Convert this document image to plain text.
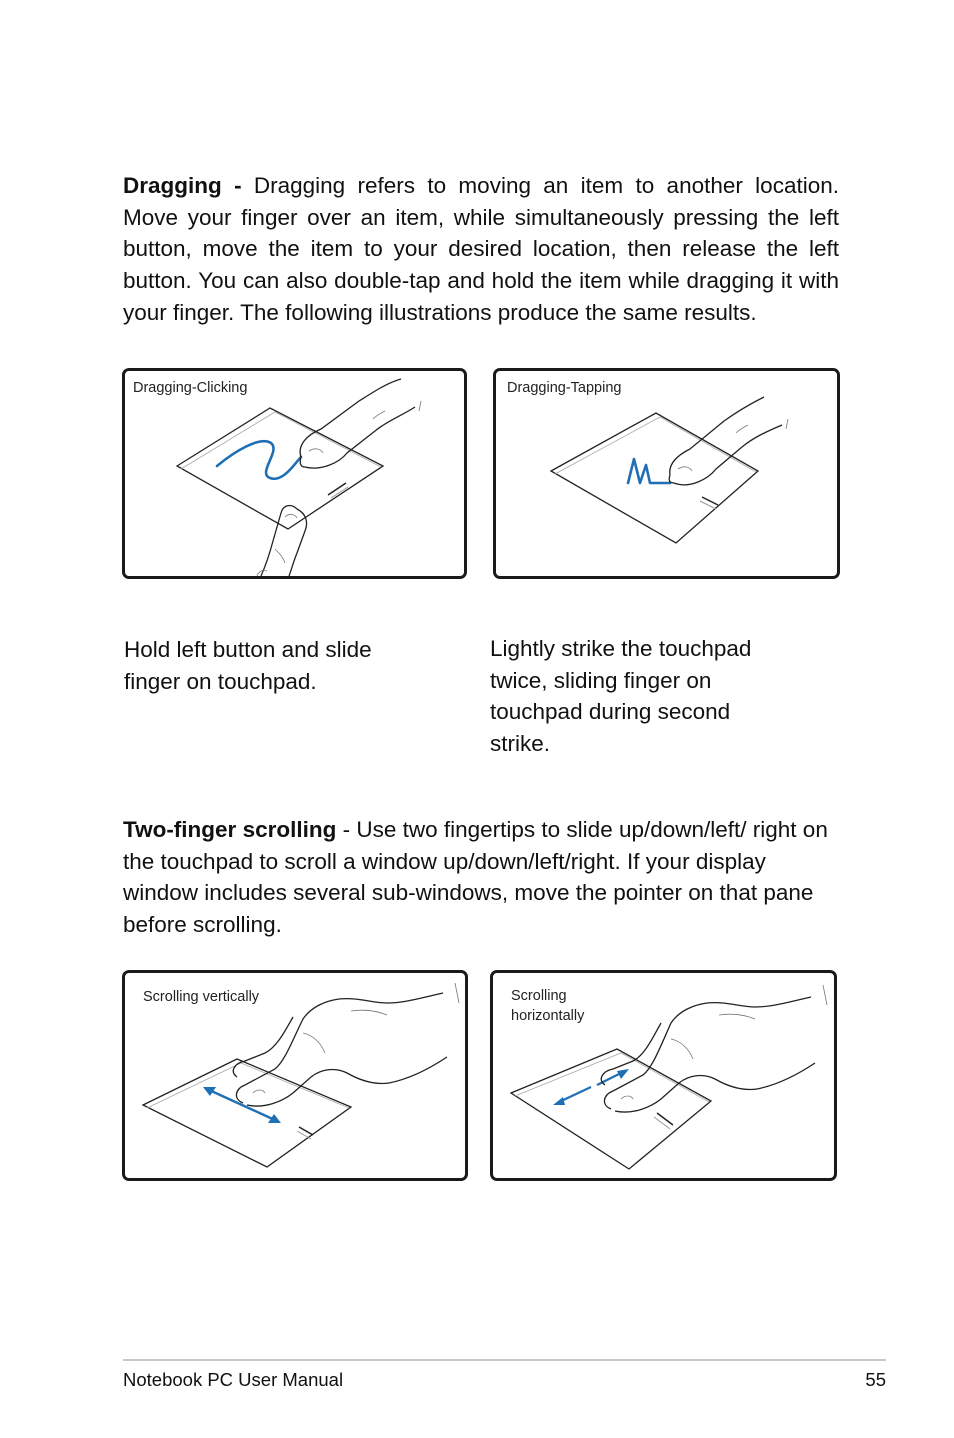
Dragging - Dragging refers to moving an item to another location. Move your finger over an item, while simultaneously pressing the left button, move the item to your desired location, then release the left button. You can also double-tap and hold the item while dragging it with your finger. The following illustrations produce the same results.

Dragging-Clicking	Dragging-Tapping

Hold left button and slide finger on touchpad.

Lightly strike the touchpad twice, sliding finger on touchpad during second strike.

Two-finger scrolling - Use two fingertips to slide up/down/left/ right on the touchpad to scroll a window up/down/left/right. If your display window includes several sub-windows, move the pointer on that pane before scrolling.

Scrolling vertically	Scrolling
horizontally
Notebook PC User Manual	55
